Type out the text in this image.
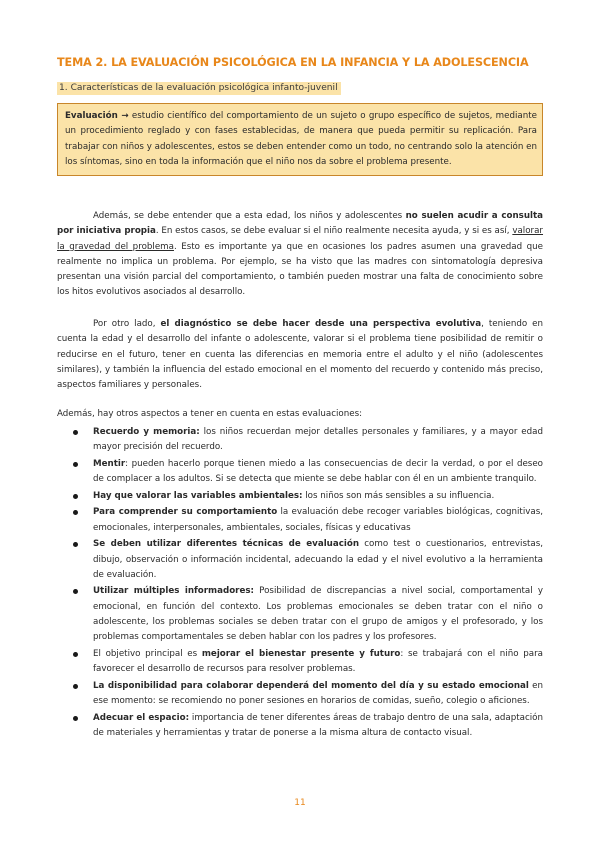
TEMA 2. LA EVALUACIÓN PSICOLÓGICA EN LA INFANCIA Y LA ADOLESCENCIA
1. Características de la evaluación psicológica infanto-juvenil
Evaluación → estudio científico del comportamiento de un sujeto o grupo específico de sujetos, mediante un procedimiento reglado y con fases establecidas, de manera que pueda permitir su replicación. Para trabajar con niños y adolescentes, estos se deben entender como un todo, no centrando solo la atención en los síntomas, sino en toda la información que el niño nos da sobre el problema presente.
Además, se debe entender que a esta edad, los niños y adolescentes no suelen acudir a consulta por iniciativa propia. En estos casos, se debe evaluar si el niño realmente necesita ayuda, y si es así, valorar la gravedad del problema. Esto es importante ya que en ocasiones los padres asumen una gravedad que realmente no implica un problema. Por ejemplo, se ha visto que las madres con sintomatología depresiva presentan una visión parcial del comportamiento, o también pueden mostrar una falta de conocimiento sobre los hitos evolutivos asociados al desarrollo.
Por otro lado, el diagnóstico se debe hacer desde una perspectiva evolutiva, teniendo en cuenta la edad y el desarrollo del infante o adolescente, valorar si el problema tiene posibilidad de remitir o reducirse en el futuro, tener en cuenta las diferencias en memoria entre el adulto y el niño (adolescentes similares), y también la influencia del estado emocional en el momento del recuerdo y contenido más preciso, aspectos familiares y personales.
Además, hay otros aspectos a tener en cuenta en estas evaluaciones:
Recuerdo y memoria: los niños recuerdan mejor detalles personales y familiares, y a mayor edad mayor precisión del recuerdo.
Mentir: pueden hacerlo porque tienen miedo a las consecuencias de decir la verdad, o por el deseo de complacer a los adultos. Si se detecta que miente se debe hablar con él en un ambiente tranquilo.
Hay que valorar las variables ambientales: los niños son más sensibles a su influencia.
Para comprender su comportamiento la evaluación debe recoger variables biológicas, cognitivas, emocionales, interpersonales, ambientales, sociales, físicas y educativas
Se deben utilizar diferentes técnicas de evaluación como test o cuestionarios, entrevistas, dibujo, observación o información incidental, adecuando la edad y el nivel evolutivo a la herramienta de evaluación.
Utilizar múltiples informadores: Posibilidad de discrepancias a nivel social, comportamental y emocional, en función del contexto. Los problemas emocionales se deben tratar con el niño o adolescente, los problemas sociales se deben tratar con el grupo de amigos y el profesorado, y los problemas comportamentales se deben hablar con los padres y los profesores.
El objetivo principal es mejorar el bienestar presente y futuro: se trabajará con el niño para favorecer el desarrollo de recursos para resolver problemas.
La disponibilidad para colaborar dependerá del momento del día y su estado emocional en ese momento: se recomiendo no poner sesiones en horarios de comidas, sueño, colegio o aficiones.
Adecuar el espacio: importancia de tener diferentes áreas de trabajo dentro de una sala, adaptación de materiales y herramientas y tratar de ponerse a la misma altura de contacto visual.
11
